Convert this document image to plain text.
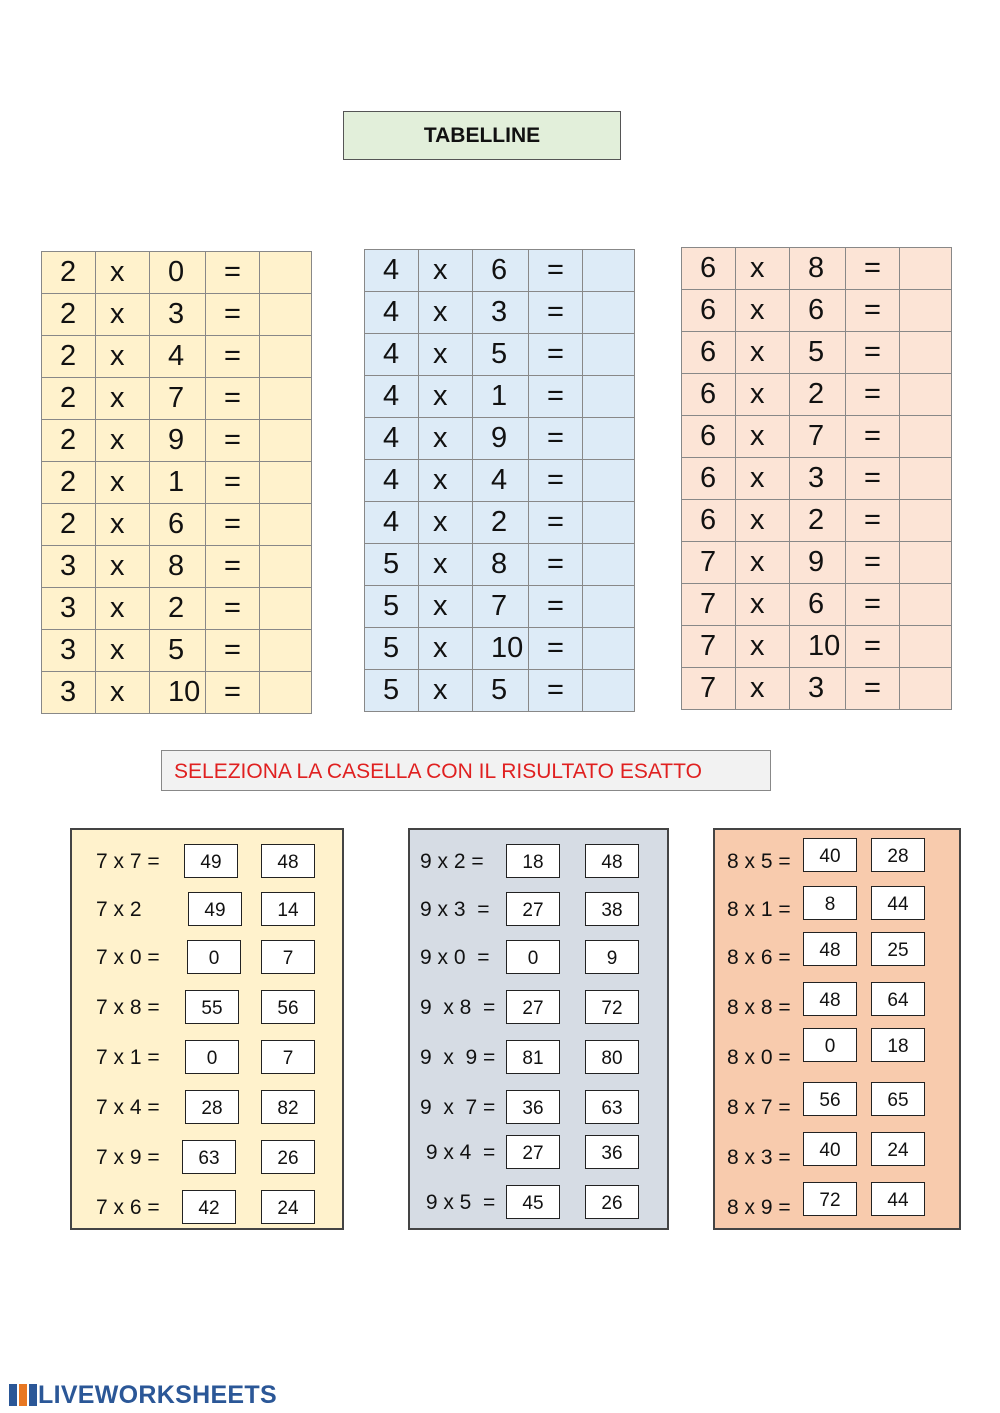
TABELLINE
2	x	0	=	
2	x	3	=	
2	x	4	=	
2	x	7	=	
2	x	9	=	
2	x	1	=	
2	x	6	=	
3	x	8	=	
3	x	2	=	
3	x	5	=	
3	x	10	=	
4	x	6	=	
4	x	3	=	
4	x	5	=	
4	x	1	=	
4	x	9	=	
4	x	4	=	
4	x	2	=	
5	x	8	=	
5	x	7	=	
5	x	10	=	
5	x	5	=	
6	x	8	=	
6	x	6	=	
6	x	5	=	
6	x	2	=	
6	x	7	=	
6	x	3	=	
6	x	2	=	
7	x	9	=	
7	x	6	=	
7	x	10	=	
7	x	3	=	
SELEZIONA LA CASELLA CON IL RISULTATO ESATTO
7 x 7 =	49	48
7 x 2	49	14
7 x 0 =	0	7
7 x 8 =	55	56
7 x 1 =	0	7
7 x 4 =	28	82
7 x 9 =	63	26
7 x 6 =	42	24
9 x 2 =	18	48
9 x 3  =	27	38
9 x 0  =	0	9
9  x 8  =	27	72
9  x  9 =	81	80
9  x  7 =	36	63
9 x 4  =	27	36
9 x 5  =	45	26
8 x 5 =	40	28
8 x 1 =	8	44
8 x 6 =	48	25
8 x 8 =	48	64
8 x 0 =	0	18
8 x 7 =	56	65
8 x 3 =	40	24
8 x 9 =	72	44
LIVEWORKSHEETS
